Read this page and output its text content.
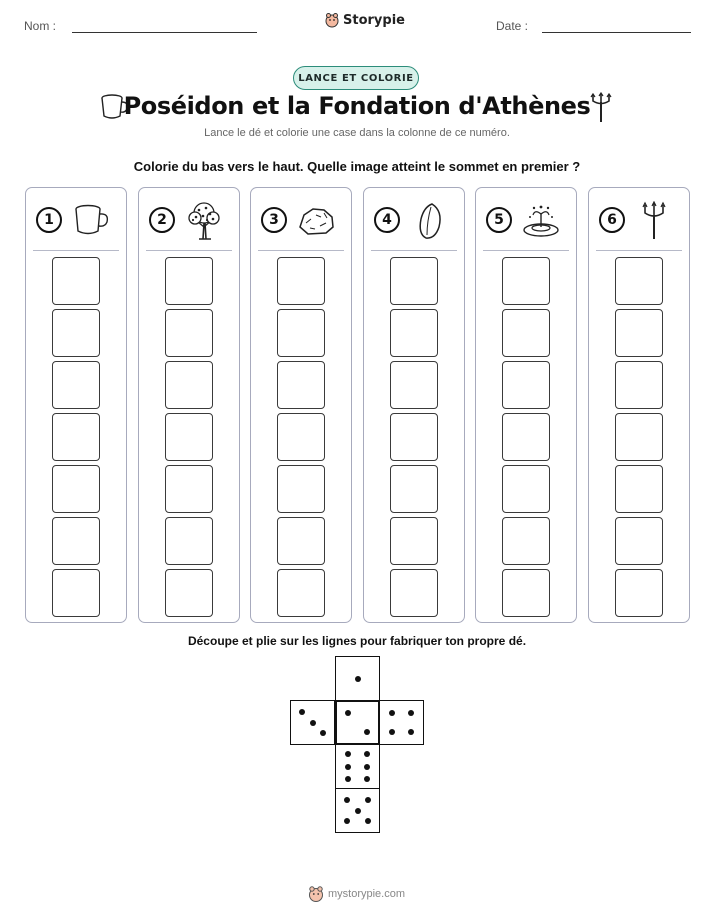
Nom :	Storypie	Date :
LANCE ET COLORIE
Poséidon et la Fondation d'Athènes
Lance le dé et colorie une case dans la colonne de ce numéro.
Colorie du bas vers le haut. Quelle image atteint le sommet en premier ?
1	2	3	4	5	6
Découpe et plie sur les lignes pour fabriquer ton propre dé.
mystorypie.com
